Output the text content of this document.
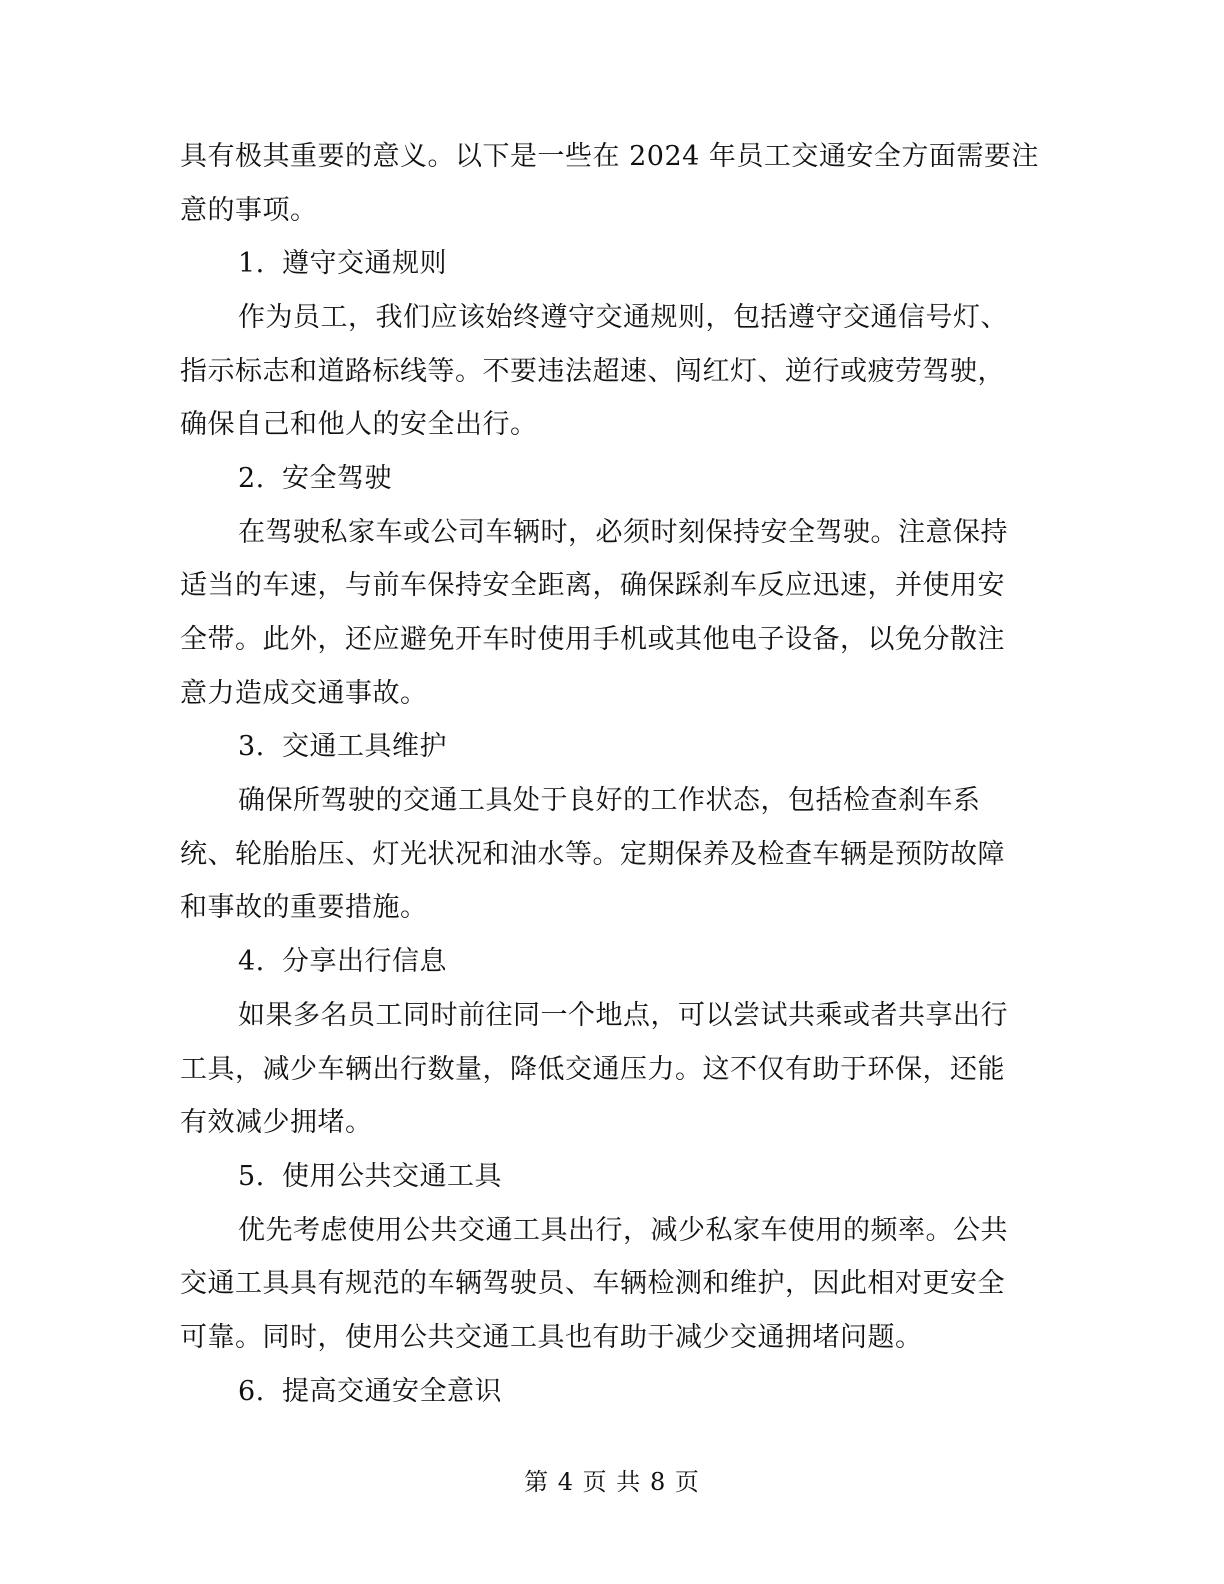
具有极其重要的意义。以下是一些在 2024 年员工交通安全方面需要注
意的事项。
1. 遵守交通规则
作为员工，我们应该始终遵守交通规则，包括遵守交通信号灯、
指示标志和道路标线等。不要违法超速、闯红灯、逆行或疲劳驾驶，
确保自己和他人的安全出行。
2. 安全驾驶
在驾驶私家车或公司车辆时，必须时刻保持安全驾驶。注意保持
适当的车速，与前车保持安全距离，确保踩刹车反应迅速，并使用安
全带。此外，还应避免开车时使用手机或其他电子设备，以免分散注
意力造成交通事故。
3. 交通工具维护
确保所驾驶的交通工具处于良好的工作状态，包括检查刹车系
统、轮胎胎压、灯光状况和油水等。定期保养及检查车辆是预防故障
和事故的重要措施。
4. 分享出行信息
如果多名员工同时前往同一个地点，可以尝试共乘或者共享出行
工具，减少车辆出行数量，降低交通压力。这不仅有助于环保，还能
有效减少拥堵。
5. 使用公共交通工具
优先考虑使用公共交通工具出行，减少私家车使用的频率。公共
交通工具具有规范的车辆驾驶员、车辆检测和维护，因此相对更安全
可靠。同时，使用公共交通工具也有助于减少交通拥堵问题。
6. 提高交通安全意识
第 4 页 共 8 页
